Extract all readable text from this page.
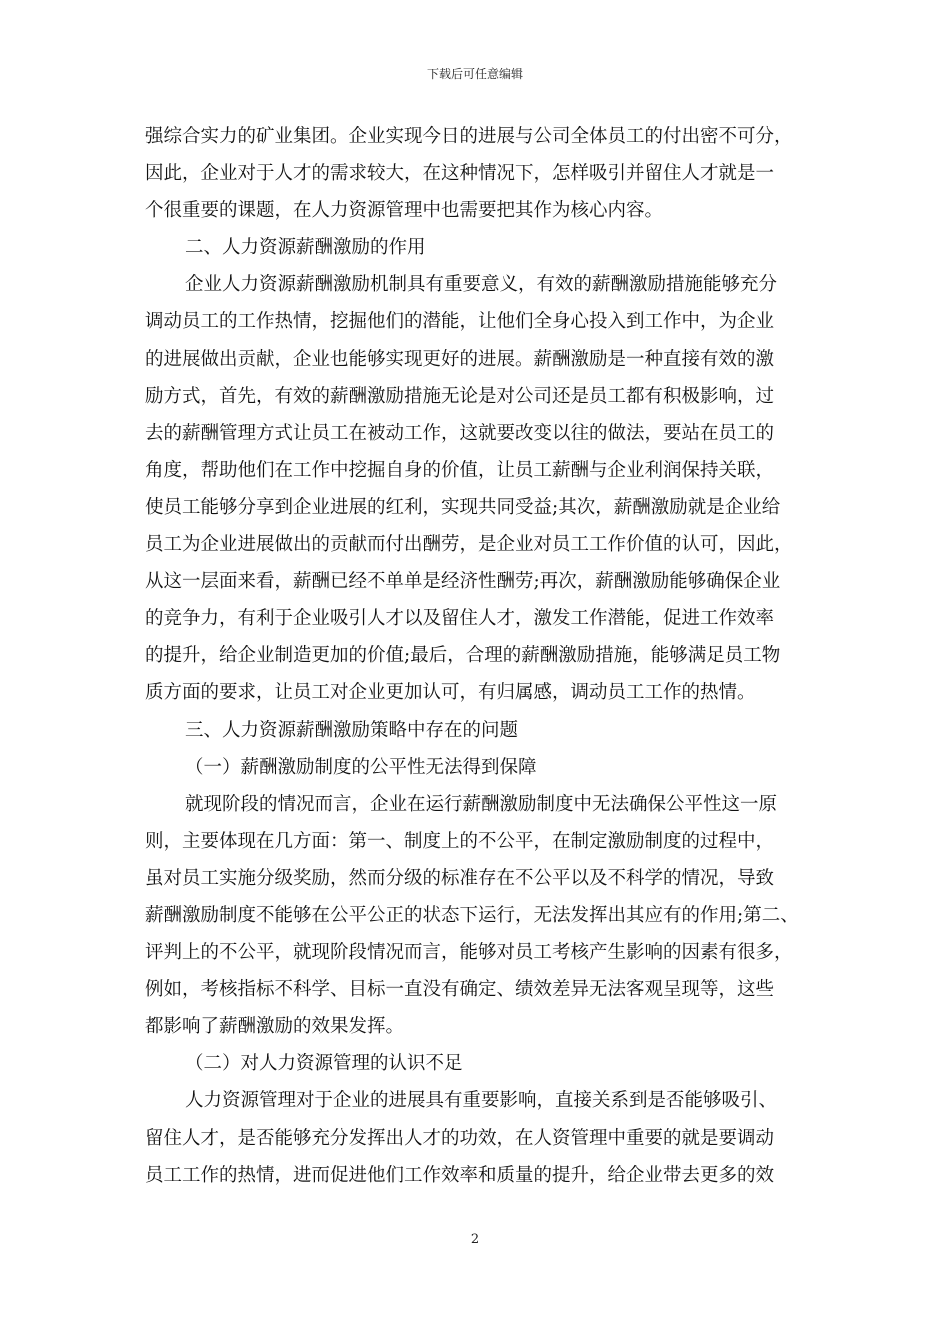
下载后可任意编辑
强综合实力的矿业集团。企业实现今日的进展与公司全体员工的付出密不可分，
因此，企业对于人才的需求较大，在这种情况下，怎样吸引并留住人才就是一
个很重要的课题，在人力资源管理中也需要把其作为核心内容。
二、人力资源薪酬激励的作用
企业人力资源薪酬激励机制具有重要意义，有效的薪酬激励措施能够充分
调动员工的工作热情，挖掘他们的潜能，让他们全身心投入到工作中，为企业
的进展做出贡献，企业也能够实现更好的进展。薪酬激励是一种直接有效的激
励方式，首先，有效的薪酬激励措施无论是对公司还是员工都有积极影响，过
去的薪酬管理方式让员工在被动工作，这就要改变以往的做法，要站在员工的
角度，帮助他们在工作中挖掘自身的价值，让员工薪酬与企业利润保持关联，
使员工能够分享到企业进展的红利，实现共同受益;其次，薪酬激励就是企业给
员工为企业进展做出的贡献而付出酬劳，是企业对员工工作价值的认可，因此，
从这一层面来看，薪酬已经不单单是经济性酬劳;再次，薪酬激励能够确保企业
的竞争力，有利于企业吸引人才以及留住人才，激发工作潜能，促进工作效率
的提升，给企业制造更加的价值;最后，合理的薪酬激励措施，能够满足员工物
质方面的要求，让员工对企业更加认可，有归属感，调动员工工作的热情。
三、人力资源薪酬激励策略中存在的问题
（一）薪酬激励制度的公平性无法得到保障
就现阶段的情况而言，企业在运行薪酬激励制度中无法确保公平性这一原
则，主要体现在几方面：第一、制度上的不公平，在制定激励制度的过程中，
虽对员工实施分级奖励，然而分级的标准存在不公平以及不科学的情况，导致
薪酬激励制度不能够在公平公正的状态下运行，无法发挥出其应有的作用;第二、
评判上的不公平，就现阶段情况而言，能够对员工考核产生影响的因素有很多，
例如，考核指标不科学、目标一直没有确定、绩效差异无法客观呈现等，这些
都影响了薪酬激励的效果发挥。
（二）对人力资源管理的认识不足
人力资源管理对于企业的进展具有重要影响，直接关系到是否能够吸引、
留住人才，是否能够充分发挥出人才的功效，在人资管理中重要的就是要调动
员工工作的热情，进而促进他们工作效率和质量的提升，给企业带去更多的效
2
